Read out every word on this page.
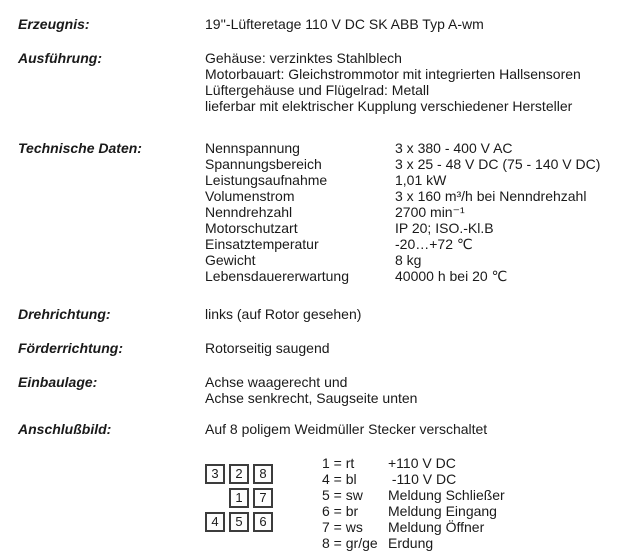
Erzeugnis:	19''-Lüfteretage 110 V DC SK ABB Typ A-wm
Ausführung:	Gehäuse: verzinktes Stahlblech
Motorbauart: Gleichstrommotor mit integrierten Hallsensoren
Lüftergehäuse und Flügelrad: Metall
lieferbar mit elektrischer Kupplung verschiedener Hersteller
Technische Daten:	Nennspannung	3 x 380 - 400 V AC
Spannungsbereich	3 x 25 - 48 V DC (75 - 140 V DC)
Leistungsaufnahme	1,01 kW
Volumenstrom	3 x 160 m³/h bei Nenndrehzahl
Nenndrehzahl	2700 min⁻¹
Motorschutzart	IP 20; ISO.-Kl.B
Einsatztemperatur	-20…+72 ℃
Gewicht	8 kg
Lebensdauererwartung	40000 h bei 20 ℃
Drehrichtung:	links (auf Rotor gesehen)
Förderrichtung:	Rotorseitig saugend
Einbaulage:	Achse waagerecht und
Achse senkrecht, Saugseite unten
Anschlußbild:	Auf 8 poligem Weidmüller Stecker verschaltet
3	2	8
1	7
4	5	6
1 = rt	+110 V DC
4 = bl	-110 V DC
5 = sw	Meldung Schließer
6 = br	Meldung Eingang
7 = ws	Meldung Öffner
8 = gr/ge Erdung
